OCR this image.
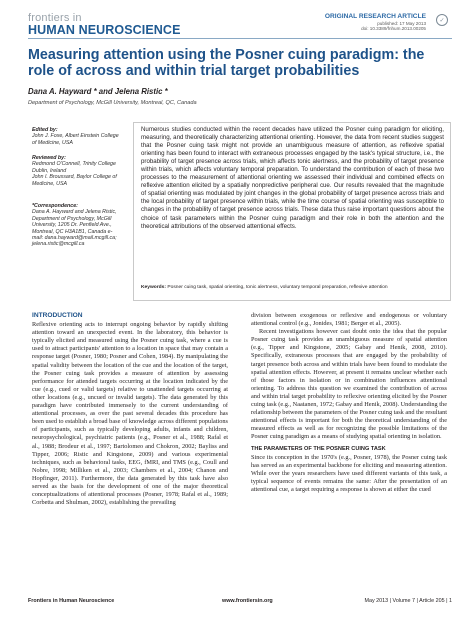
frontiers in
HUMAN NEUROSCIENCE
ORIGINAL RESEARCH ARTICLE
published: 17 May 2013
doi: 10.3389/fnhum.2013.00205
✓
Measuring attention using the Posner cuing paradigm: the role of across and within trial target probabilities
Dana A. Hayward * and Jelena Ristic *
Department of Psychology, McGill University, Montreal, QC, Canada
Edited by:
John J. Foxe, Albert Einstein College of Medicine, USA
Reviewed by:
Redmond O'Connell, Trinity College Dublin, Ireland
John I. Broussard, Baylor College of Medicine, USA
*Correspondence:
Dana A. Hayward and Jelena Ristic, Department of Psychology, McGill University, 1205 Dr. Penfield Ave., Montreal, QC H3A1B1, Canada e-mail: dana.hayward@mail.mcgill.ca; jelena.ristic@mcgill.ca

Numerous studies conducted within the recent decades have utilized the Posner cuing paradigm for eliciting, measuring, and theoretically characterizing attentional orienting. However, the data from recent studies suggest that the Posner cuing task might not provide an unambiguous measure of attention, as reflexive spatial orienting has been found to interact with extraneous processes engaged by the task's typical structure, i.e., the probability of target presence across trials, which affects tonic alertness, and the probability of target presence within trials, which affects voluntary temporal preparation. To understand the contribution of each of these two processes to the measurement of attentional orienting we assessed their individual and combined effects on reflexive attention elicited by a spatially nonpredictive peripheral cue. Our results revealed that the magnitude of spatial orienting was modulated by joint changes in the global probability of target presence across trials and the local probability of target presence within trials, while the time course of spatial orienting was susceptible to changes in the probability of target presence across trials. These data thus raise important questions about the choice of task parameters within the Posner cuing paradigm and their role in both the attention and the theoretical attributions of the observed attentional effects.

Keywords: Posner cuing task, spatial orienting, tonic alertness, voluntary temporal preparation, reflexive attention
INTRODUCTION

Reflexive orienting acts to interrupt ongoing behavior by rapidly shifting attention toward an unexpected event. In the laboratory, this behavior is typically elicited and measured using the Posner cuing task, where a cue is used to attract participants' attention to a location in space that may contain a response target (Posner, 1980; Posner and Cohen, 1984). By manipulating the spatial validity between the location of the cue and the location of the target, the Posner cuing task provides a measure of attention by assessing performance for attended targets occurring at the location indicated by the cue (e.g., cued or valid targets) relative to unattended targets occurring at other locations (e.g., uncued or invalid targets). The data generated by this paradigm have contributed immensely to the current understanding of attentional processes, as over the past several decades this procedure has been used to establish a broad base of knowledge across different populations of participants, such as typically developing adults, infants and children, neuropsychological, psychiatric patients (e.g., Posner et al., 1988; Rafal et al., 1988; Brodeur et al., 1997; Bartolomeo and Chokron, 2002; Bayliss and Tipper, 2006; Ristic and Kingstone, 2009) and various experimental techniques, such as behavioral tasks, EEG, fMRI, and TMS (e.g., Coull and Nobre, 1998; Milliken et al., 2003; Chambers et al., 2004; Chanon and Hopfinger, 2011). Furthermore, the data generated by this task have also served as the basis for the development of one of the major theoretical conceptualizations of attentional processes (Posner, 1978; Rafal et al., 1989; Corbetta and Shulman, 2002), establishing the prevailing

division between exogenous or reflexive and endogenous or voluntary attentional control (e.g., Jonides, 1981; Berger et al., 2005).

Recent investigations however cast doubt onto the idea that the popular Posner cuing task provides an unambiguous measure of spatial attention (e.g., Tipper and Kingstone, 2005; Gabay and Henik, 2008, 2010). Specifically, extraneous processes that are engaged by the probability of target presence both across and within trials have been found to modulate the spatial attention effects. However, at present it remains unclear whether each of those factors in isolation or in combination influences attentional orienting. To address this question we examined the contribution of across and within trial target probability to reflexive orienting elicited by the Posner cuing task (e.g., Naatanen, 1972; Gabay and Henik, 2008). Understanding the relationship between the parameters of the Posner cuing task and the resultant attentional effects is important for both the theoretical understanding of the measured effects as well as for recognizing the possible limitations of the Posner cuing paradigm as a means of studying spatial orienting in isolation.

THE PARAMETERS OF THE POSNER CUING TASK

Since its conception in the 1970's (e.g., Posner, 1978), the Posner cuing task has served as an experimental backbone for eliciting and measuring attention. While over the years researchers have used different variants of this task, a typical sequence of events remains the same: After the presentation of an attentional cue, a target requiring a response is shown at either the cued

Frontiers in Human Neuroscience	www.frontiersin.org	May 2013 | Volume 7 | Article 205 | 1
